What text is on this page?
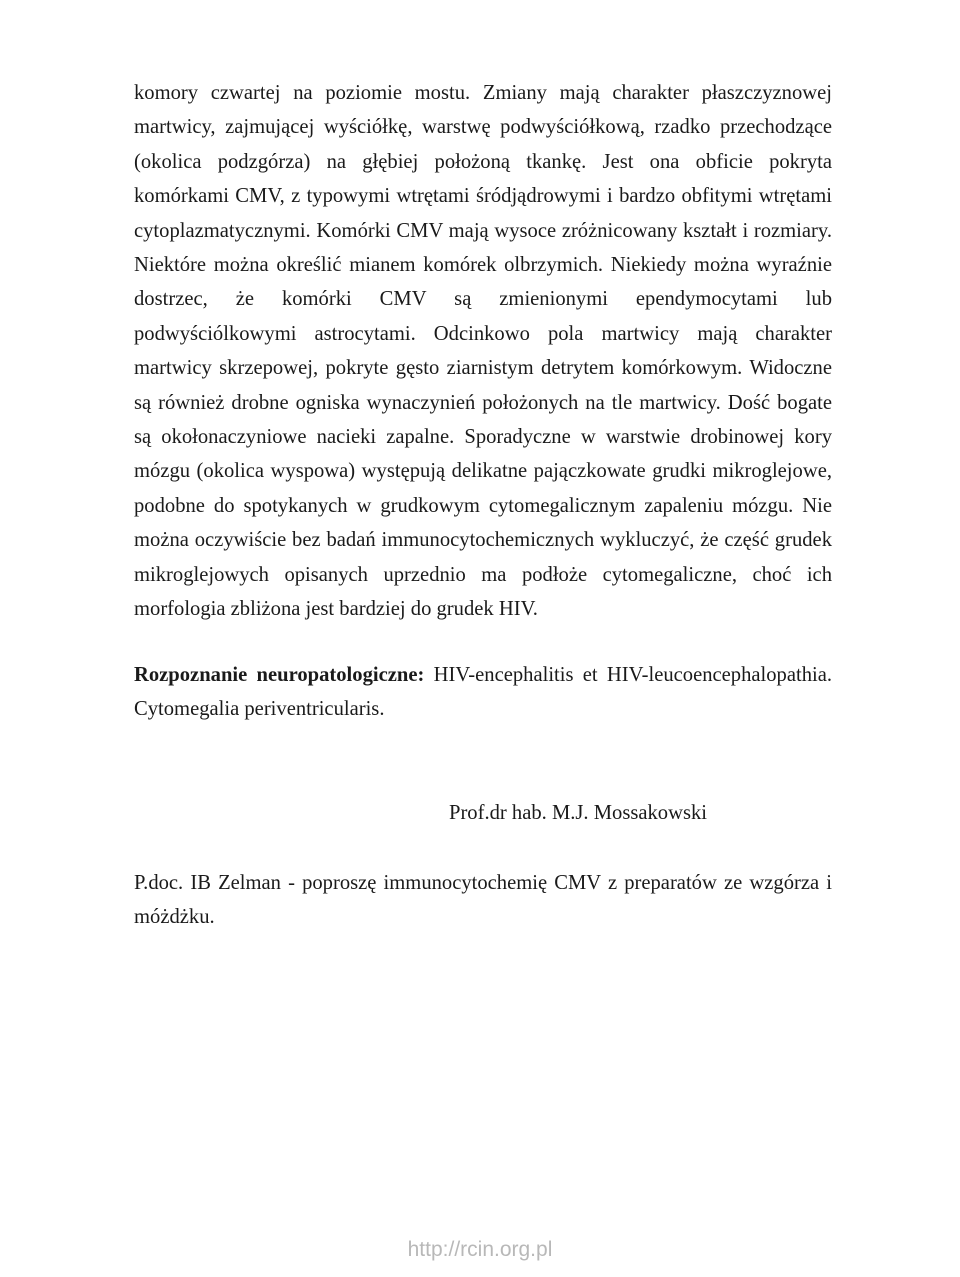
komory czwartej na poziomie mostu. Zmiany mają charakter płaszczyznowej martwicy, zajmującej wyściółkę, warstwę podwyściółkową, rzadko przechodzące (okolica podzgórza) na głębiej położoną tkankę. Jest ona obficie pokryta komórkami CMV, z typowymi wtrętami śródjądrowymi i bardzo obfitymi wtrętami cytoplazmatycznymi. Komórki CMV mają wysoce zróżnicowany kształt i rozmiary. Niektóre można określić mianem komórek olbrzymich. Niekiedy można wyraźnie dostrzec, że komórki CMV są zmienionymi ependymocytami lub podwyściólkowymi astrocytami. Odcinkowo pola martwicy mają charakter martwicy skrzepowej, pokryte gęsto ziarnistym detrytem komórkowym. Widoczne są również drobne ogniska wynaczynień położonych na tle martwicy. Dość bogate są okołonaczyniowe nacieki zapalne. Sporadyczne w warstwie drobinowej kory mózgu (okolica wyspowa) występują delikatne pajączkowate grudki mikroglejowe, podobne do spotykanych w grudkowym cytomegalicznym zapaleniu mózgu. Nie można oczywiście bez badań immunocytochemicznych wykluczyć, że część grudek mikroglejowych opisanych uprzednio ma podłoże cytomegaliczne, choć ich morfologia zbliżona jest bardziej do grudek HIV.

Rozpoznanie neuropatologiczne: HIV-encephalitis et HIV-leucoencephalopathia. Cytomegalia periventricularis.

Prof.dr hab. M.J. Mossakowski

P.doc. IB Zelman - poproszę immunocytochemię CMV z preparatów ze wzgórza i móżdżku.

http://rcin.org.pl
